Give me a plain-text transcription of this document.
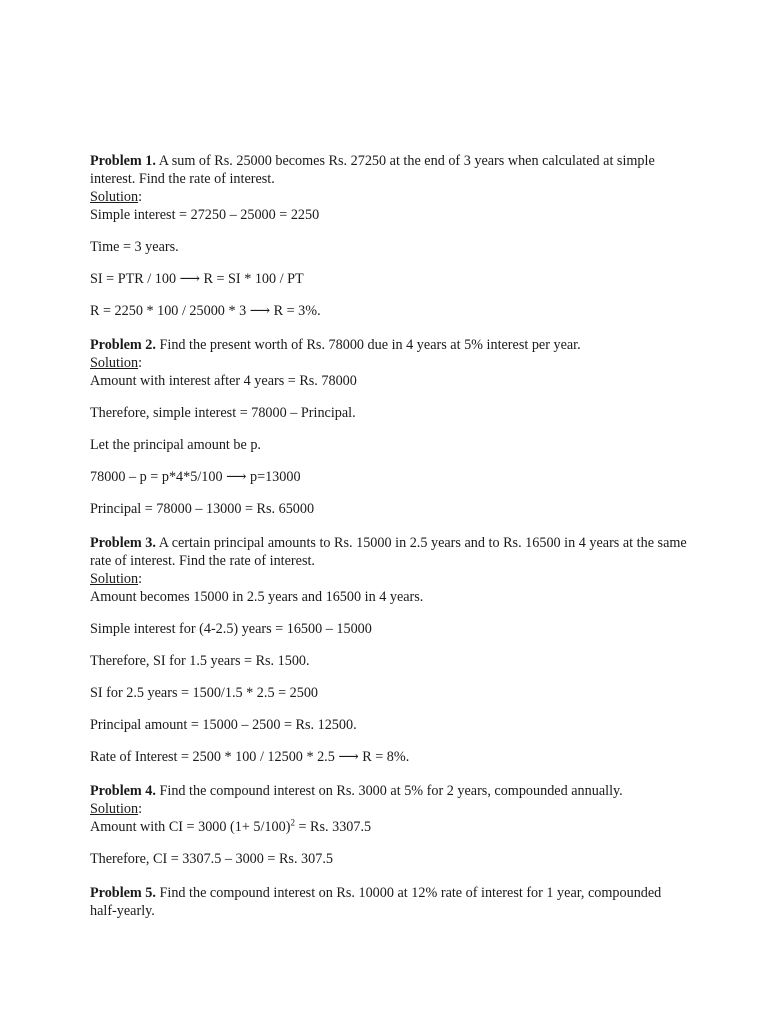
Problem 1. A sum of Rs. 25000 becomes Rs. 27250 at the end of 3 years when calculated at simple interest. Find the rate of interest.

Solution:

Simple interest = 27250 – 25000 = 2250

Time = 3 years.

SI = PTR / 100 ⟶ R = SI * 100 / PT

R = 2250 * 100 / 25000 * 3 ⟶ R = 3%.

Problem 2. Find the present worth of Rs. 78000 due in 4 years at 5% interest per year.

Solution:

Amount with interest after 4 years = Rs. 78000

Therefore, simple interest = 78000 – Principal.

Let the principal amount be p.

78000 – p = p*4*5/100 ⟶ p=13000

Principal = 78000 – 13000 = Rs. 65000

Problem 3. A certain principal amounts to Rs. 15000 in 2.5 years and to Rs. 16500 in 4 years at the same rate of interest. Find the rate of interest.

Solution:

Amount becomes 15000 in 2.5 years and 16500 in 4 years.

Simple interest for (4-2.5) years = 16500 – 15000

Therefore, SI for 1.5 years = Rs. 1500.

SI for 2.5 years = 1500/1.5 * 2.5 = 2500

Principal amount = 15000 – 2500 = Rs. 12500.

Rate of Interest = 2500 * 100 / 12500 * 2.5 ⟶ R = 8%.

Problem 4. Find the compound interest on Rs. 3000 at 5% for 2 years, compounded annually.

Solution:

Amount with CI = 3000 $(1+ 5/100)^2 = Rs$. 3307.5

Therefore, CI = 3307.5 – 3000 = Rs. 307.5

Problem 5. Find the compound interest on Rs. 10000 at 12% rate of interest for 1 year, compounded half-yearly.
